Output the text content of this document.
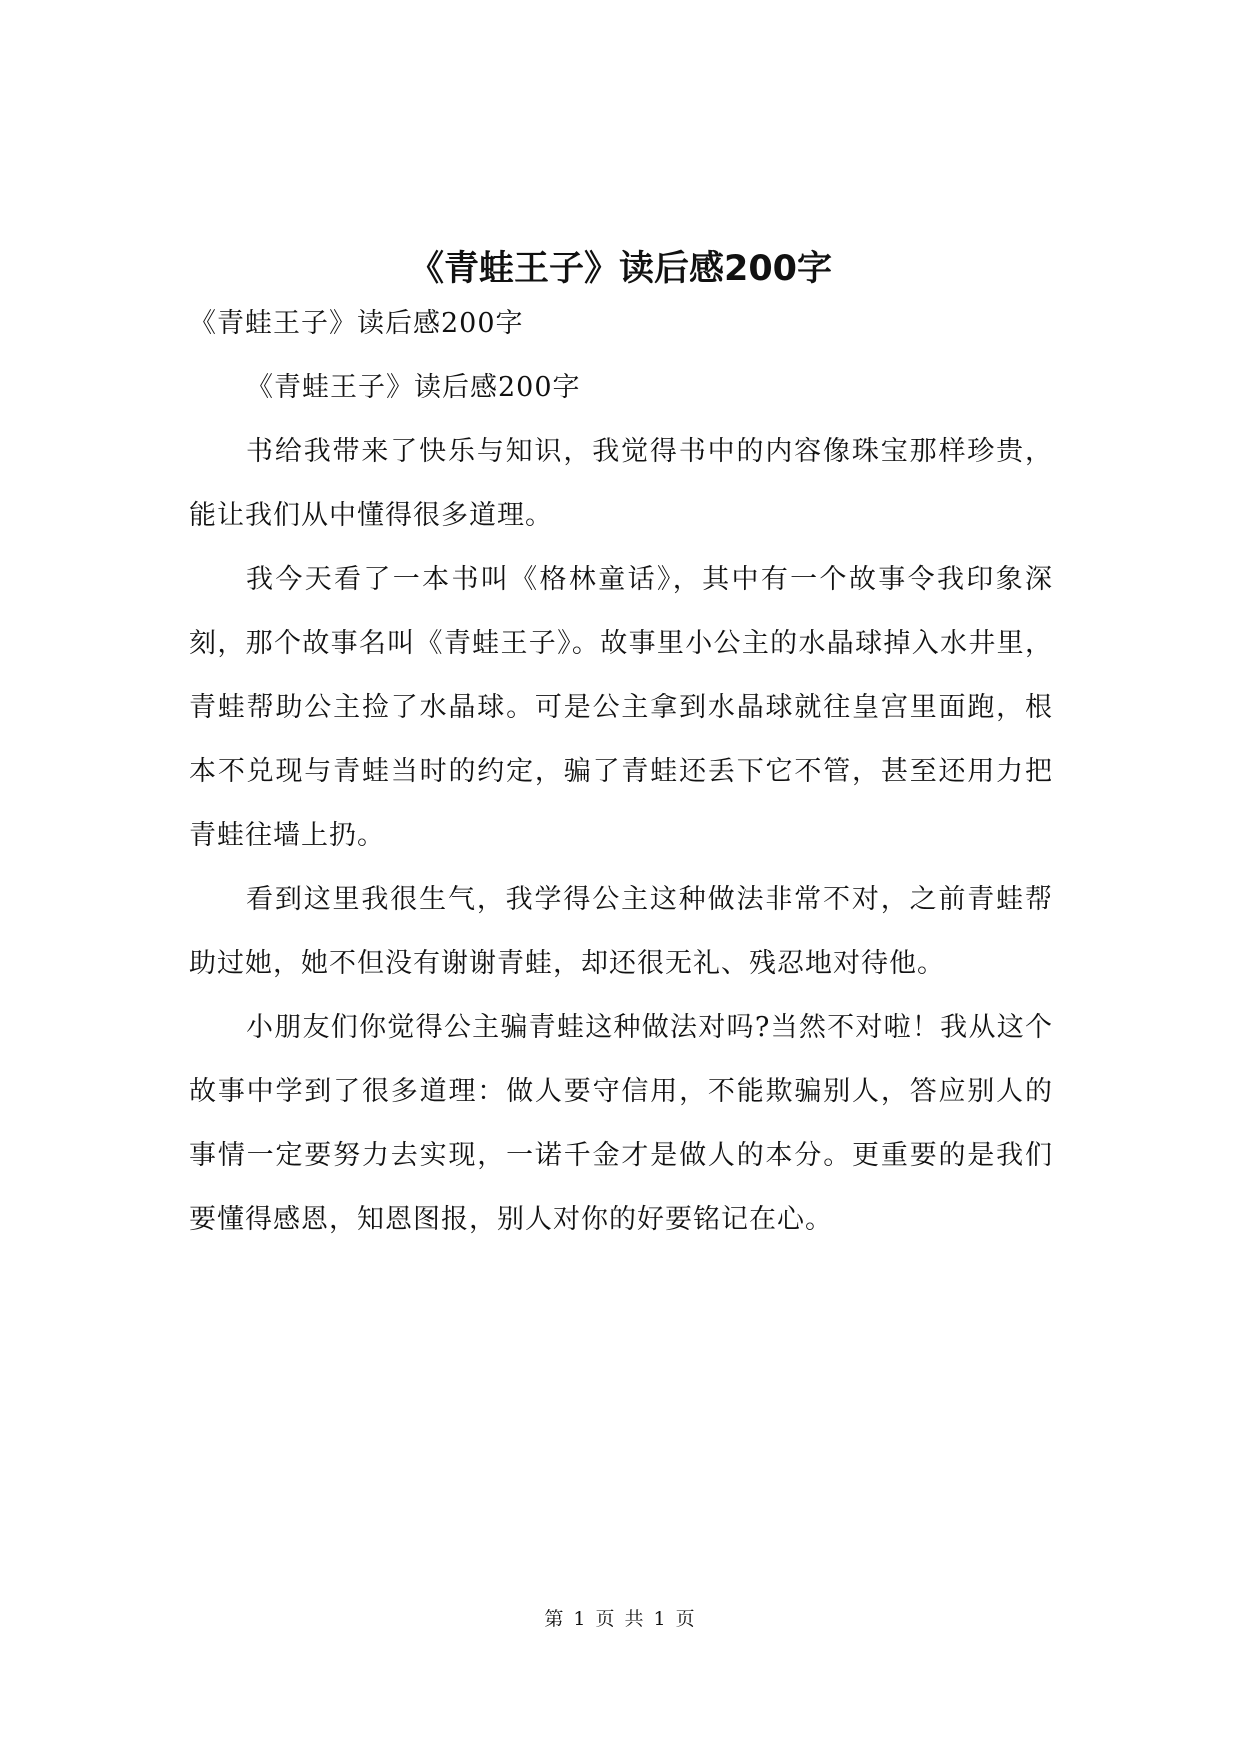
《青蛙王子》读后感200字

《青蛙王子》读后感200字

《青蛙王子》读后感200字

书给我带来了快乐与知识，我觉得书中的内容像珠宝那样珍贵，能让我们从中懂得很多道理。

我今天看了一本书叫《格林童话》，其中有一个故事令我印象深刻，那个故事名叫《青蛙王子》。故事里小公主的水晶球掉入水井里，青蛙帮助公主捡了水晶球。可是公主拿到水晶球就往皇宫里面跑，根本不兑现与青蛙当时的约定，骗了青蛙还丢下它不管，甚至还用力把青蛙往墙上扔。

看到这里我很生气，我学得公主这种做法非常不对，之前青蛙帮助过她，她不但没有谢谢青蛙，却还很无礼、残忍地对待他。

小朋友们你觉得公主骗青蛙这种做法对吗?当然不对啦！我从这个故事中学到了很多道理：做人要守信用，不能欺骗别人，答应别人的事情一定要努力去实现，一诺千金才是做人的本分。更重要的是我们要懂得感恩，知恩图报，别人对你的好要铭记在心。

第 1 页 共 1 页
